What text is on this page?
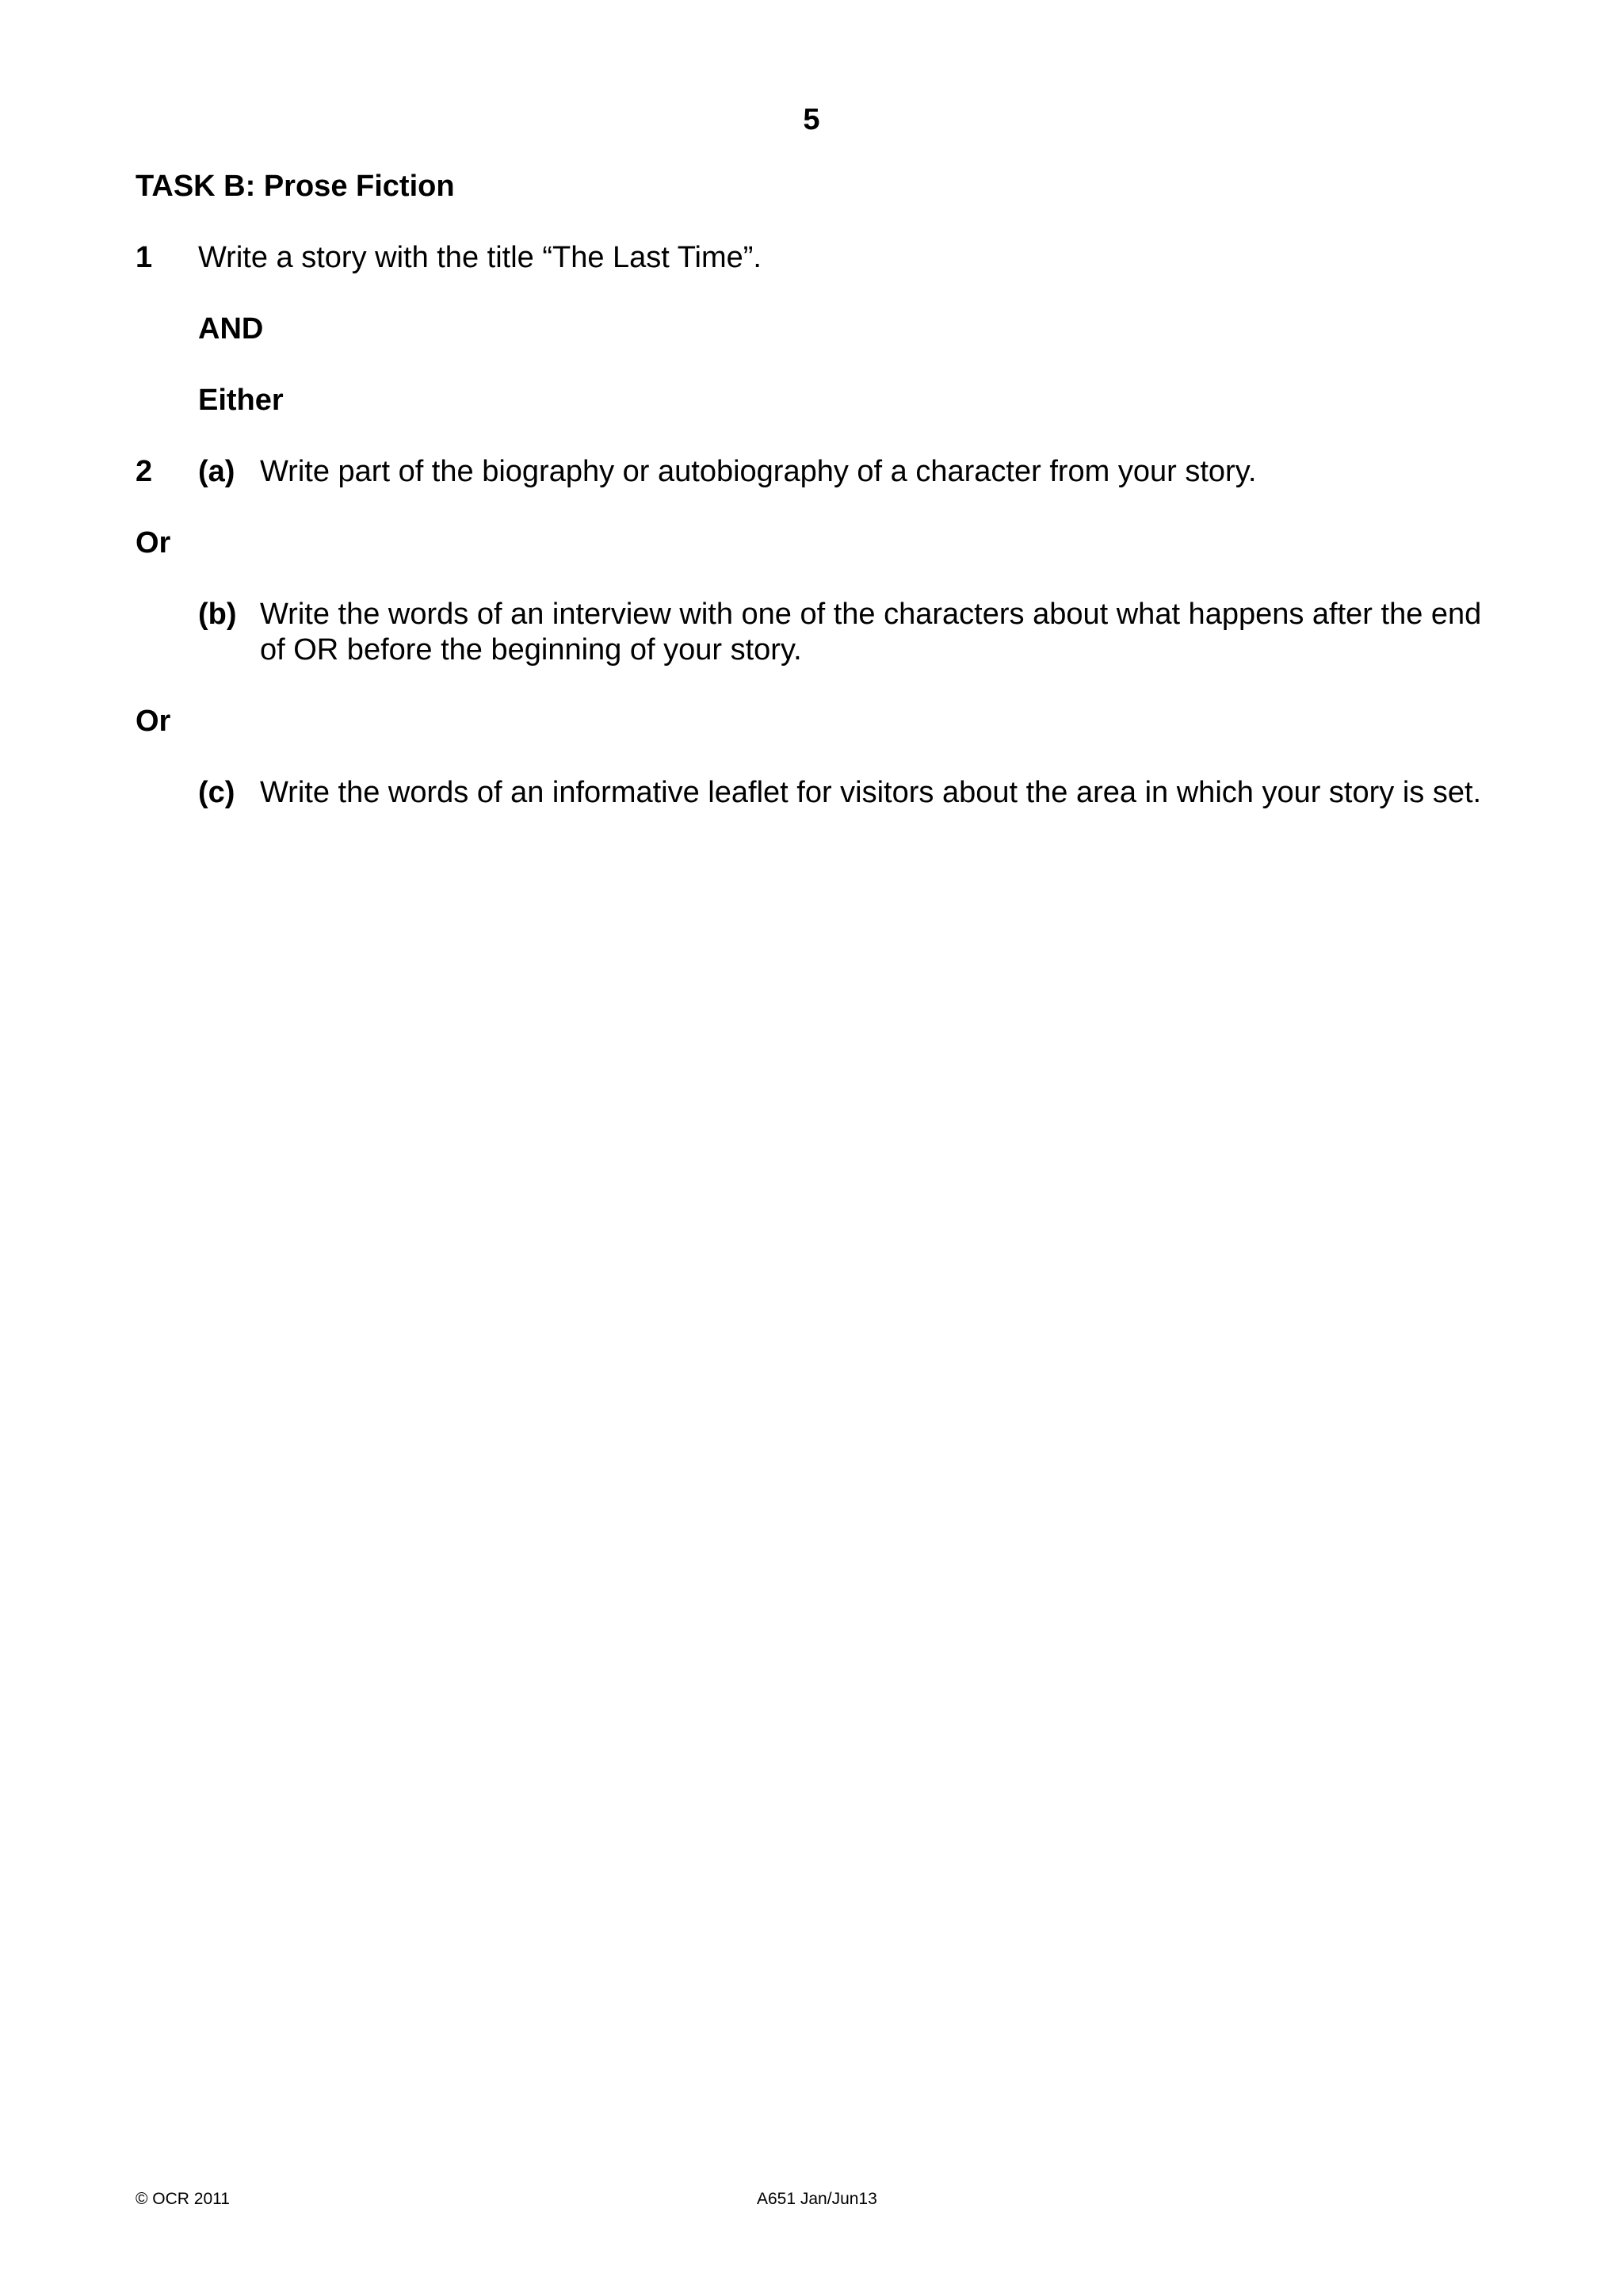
5
TASK B: Prose Fiction
1 Write a story with the title “The Last Time”.
AND
Either
2 (a) Write part of the biography or autobiography of a character from your story.
Or
(b) Write the words of an interview with one of the characters about what happens after the end
of OR before the beginning of your story.
Or
(c) Write the words of an informative leaflet for visitors about the area in which your story is set.
© OCR 2011	A651 Jan/Jun13
